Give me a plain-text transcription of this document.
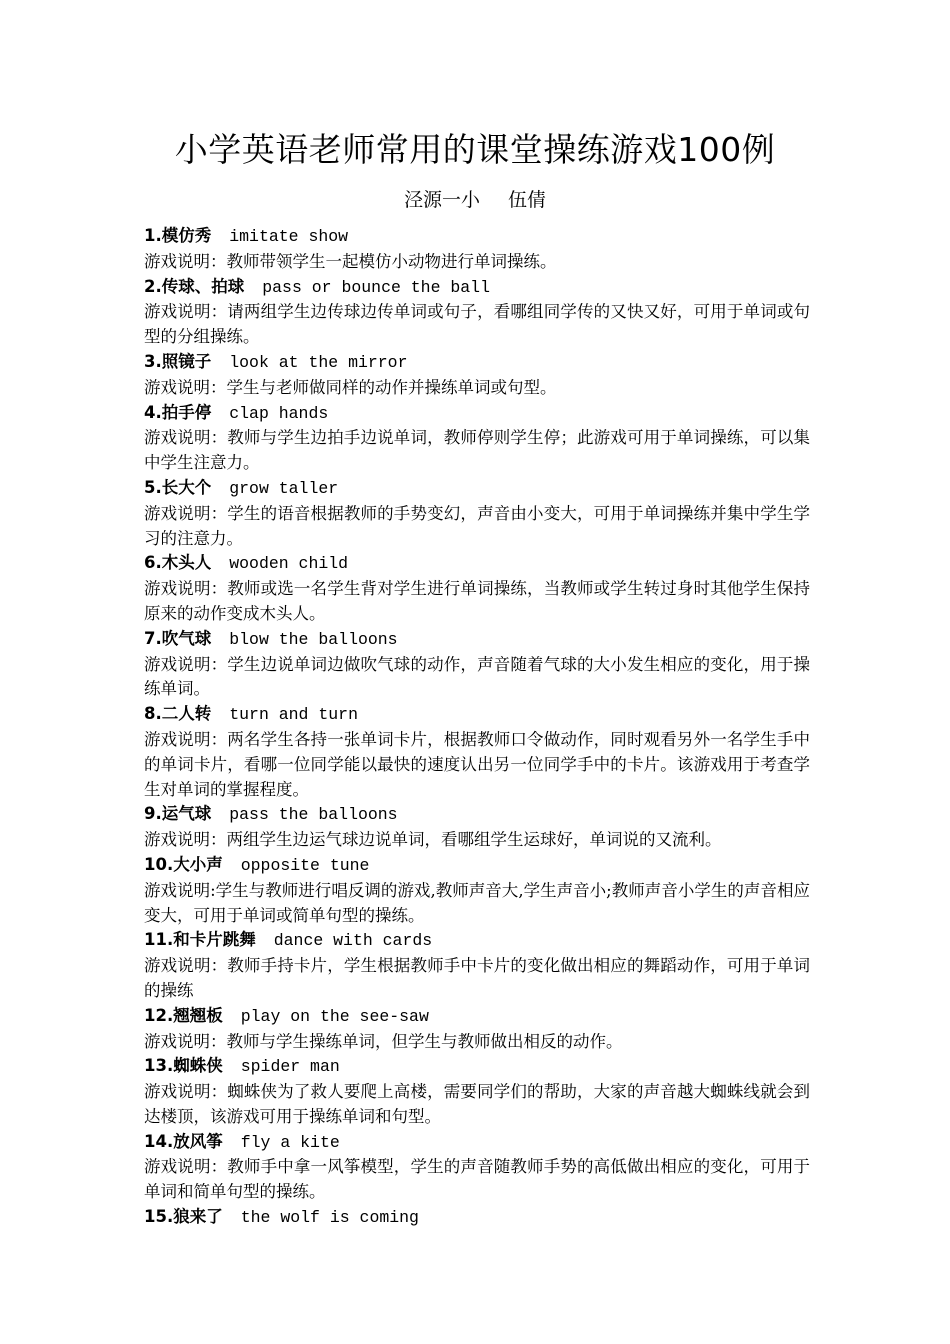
小学英语老师常用的课堂操练游戏100例
泾源一小 伍倩

1.模仿秀 imitate show

游戏说明：教师带领学生一起模仿小动物进行单词操练。

2.传球、拍球 pass or bounce the ball

游戏说明：请两组学生边传球边传单词或句子，看哪组同学传的又快又好，可用于单词或句型的分组操练。

3.照镜子 look at the mirror

游戏说明：学生与老师做同样的动作并操练单词或句型。

4.拍手停 clap hands

游戏说明：教师与学生边拍手边说单词，教师停则学生停；此游戏可用于单词操练，可以集中学生注意力。

5.长大个 grow taller

游戏说明：学生的语音根据教师的手势变幻，声音由小变大，可用于单词操练并集中学生学习的注意力。

6.木头人 wooden child

游戏说明：教师或选一名学生背对学生进行单词操练，当教师或学生转过身时其他学生保持原来的动作变成木头人。

7.吹气球 blow the balloons

游戏说明：学生边说单词边做吹气球的动作，声音随着气球的大小发生相应的变化，用于操练单词。

8.二人转 turn and turn

游戏说明：两名学生各持一张单词卡片，根据教师口令做动作，同时观看另外一名学生手中的单词卡片，看哪一位同学能以最快的速度认出另一位同学手中的卡片。该游戏用于考查学生对单词的掌握程度。

9.运气球 pass the balloons

游戏说明：两组学生边运气球边说单词，看哪组学生运球好，单词说的又流利。

10.大小声 opposite tune

游戏说明:学生与教师进行唱反调的游戏,教师声音大,学生声音小;教师声音小学生的声音相应变大，可用于单词或简单句型的操练。

11.和卡片跳舞 dance with cards

游戏说明：教师手持卡片，学生根据教师手中卡片的变化做出相应的舞蹈动作，可用于单词的操练

12.翘翘板 play on the see-saw

游戏说明：教师与学生操练单词，但学生与教师做出相反的动作。

13.蜘蛛侠 spider man

游戏说明：蜘蛛侠为了救人要爬上高楼，需要同学们的帮助，大家的声音越大蜘蛛线就会到达楼顶，该游戏可用于操练单词和句型。

14.放风筝 fly a kite

游戏说明：教师手中拿一风筝模型，学生的声音随教师手势的高低做出相应的变化，可用于单词和简单句型的操练。

15.狼来了 the wolf is coming
